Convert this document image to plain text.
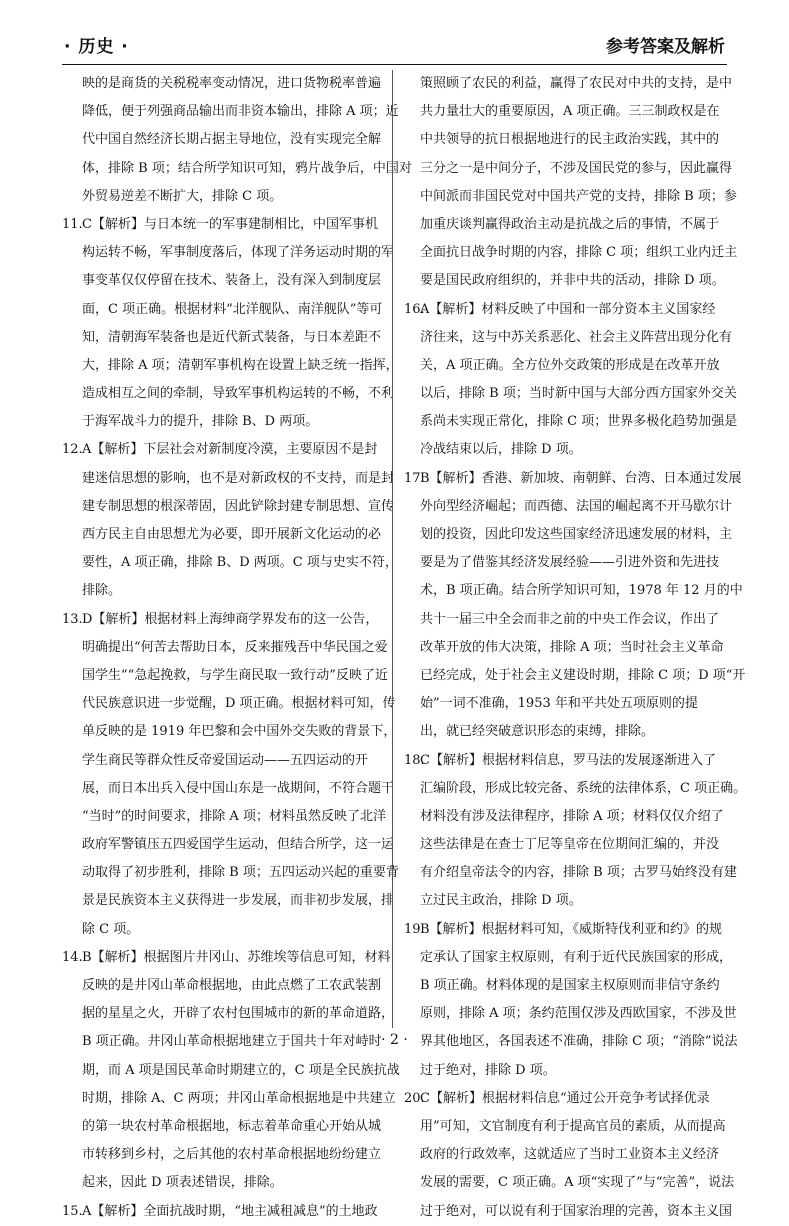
· 历史 ·	参考答案及解析
映的是商货的关税税率变动情况，进口货物税率普遍
降低，便于列强商品输出而非资本输出，排除 A 项；近
代中国自然经济长期占据主导地位，没有实现完全解
体，排除 B 项；结合所学知识可知，鸦片战争后，中国对
外贸易逆差不断扩大，排除 C 项。
11.C【解析】与日本统一的军事建制相比，中国军事机
构运转不畅，军事制度落后，体现了洋务运动时期的军
事变革仅仅停留在技术、装备上，没有深入到制度层
面，C 项正确。根据材料“北洋舰队、南洋舰队”等可
知，清朝海军装备也是近代新式装备，与日本差距不
大，排除 A 项；清朝军事机构在设置上缺乏统一指挥，
造成相互之间的牵制，导致军事机构运转的不畅，不利
于海军战斗力的提升，排除 B、D 两项。
12.A【解析】下层社会对新制度冷漠，主要原因不是封
建迷信思想的影响，也不是对新政权的不支持，而是封
建专制思想的根深蒂固，因此铲除封建专制思想、宣传
西方民主自由思想尤为必要，即开展新文化运动的必
要性，A 项正确，排除 B、D 两项。C 项与史实不符，
排除。
13.D【解析】根据材料上海绅商学界发布的这一公告，
明确提出“何苦去帮助日本，反来摧残吾中华民国之爱
国学生”“急起挽救，与学生商民取一致行动”反映了近
代民族意识进一步觉醒，D 项正确。根据材料可知，传
单反映的是 1919 年巴黎和会中国外交失败的背景下，
学生商民等群众性反帝爱国运动——五四运动的开
展，而日本出兵入侵中国山东是一战期间，不符合题干
“当时”的时间要求，排除 A 项；材料虽然反映了北洋
政府军警镇压五四爱国学生运动，但结合所学，这一运
动取得了初步胜利，排除 B 项；五四运动兴起的重要背
景是民族资本主义获得进一步发展，而非初步发展，排
除 C 项。
14.B【解析】根据图片井冈山、苏维埃等信息可知，材料
反映的是井冈山革命根据地，由此点燃了工农武装割
据的星星之火，开辟了农村包围城市的新的革命道路，
B 项正确。井冈山革命根据地建立于国共十年对峙时
期，而 A 项是国民革命时期建立的，C 项是全民族抗战
时期，排除 A、C 两项；井冈山革命根据地是中共建立
的第一块农村革命根据地，标志着革命重心开始从城
市转移到乡村，之后其他的农村革命根据地纷纷建立
起来，因此 D 项表述错误，排除。
15.A【解析】全面抗战时期，“地主减租减息”的土地政
策照顾了农民的利益，赢得了农民对中共的支持，是中
共力量壮大的重要原因，A 项正确。三三制政权是在
中共领导的抗日根据地进行的民主政治实践，其中的
三分之一是中间分子，不涉及国民党的参与，因此赢得
中间派而非国民党对中国共产党的支持，排除 B 项；参
加重庆谈判赢得政治主动是抗战之后的事情，不属于
全面抗日战争时期的内容，排除 C 项；组织工业内迁主
要是国民政府组织的，并非中共的活动，排除 D 项。
16.A【解析】材料反映了中国和一部分资本主义国家经
济往来，这与中苏关系恶化、社会主义阵营出现分化有
关，A 项正确。全方位外交政策的形成是在改革开放
以后，排除 B 项；当时新中国与大部分西方国家外交关
系尚未实现正常化，排除 C 项；世界多极化趋势加强是
冷战结束以后，排除 D 项。
17.B【解析】香港、新加坡、南朝鲜、台湾、日本通过发展
外向型经济崛起；而西德、法国的崛起离不开马歇尔计
划的投资，因此印发这些国家经济迅速发展的材料，主
要是为了借鉴其经济发展经验——引进外资和先进技
术，B 项正确。结合所学知识可知，1978 年 12 月的中
共十一届三中全会而非之前的中央工作会议，作出了
改革开放的伟大决策，排除 A 项；当时社会主义革命
已经完成，处于社会主义建设时期，排除 C 项；D 项“开
始”一词不准确，1953 年和平共处五项原则的提
出，就已经突破意识形态的束缚，排除。
18.C【解析】根据材料信息，罗马法的发展逐渐进入了
汇编阶段，形成比较完备、系统的法律体系，C 项正确。
材料没有涉及法律程序，排除 A 项；材料仅仅介绍了
这些法律是在查士丁尼等皇帝在位期间汇编的，并没
有介绍皇帝法令的内容，排除 B 项；古罗马始终没有建
立过民主政治，排除 D 项。
19.B【解析】根据材料可知，《威斯特伐利亚和约》的规
定承认了国家主权原则，有利于近代民族国家的形成，
B 项正确。材料体现的是国家主权原则而非信守条约
原则，排除 A 项；条约范围仅涉及西欧国家，不涉及世
界其他地区，各国表述不准确，排除 C 项；“消除”说法
过于绝对，排除 D 项。
20.C【解析】根据材料信息“通过公开竞争考试择优录
用”可知，文官制度有利于提高官员的素质，从而提高
政府的行政效率，这就适应了当时工业资本主义经济
发展的需要，C 项正确。A 项“实现了”与“完善”，说法
过于绝对，可以说有利于国家治理的完善，资本主义国
· 2 ·
